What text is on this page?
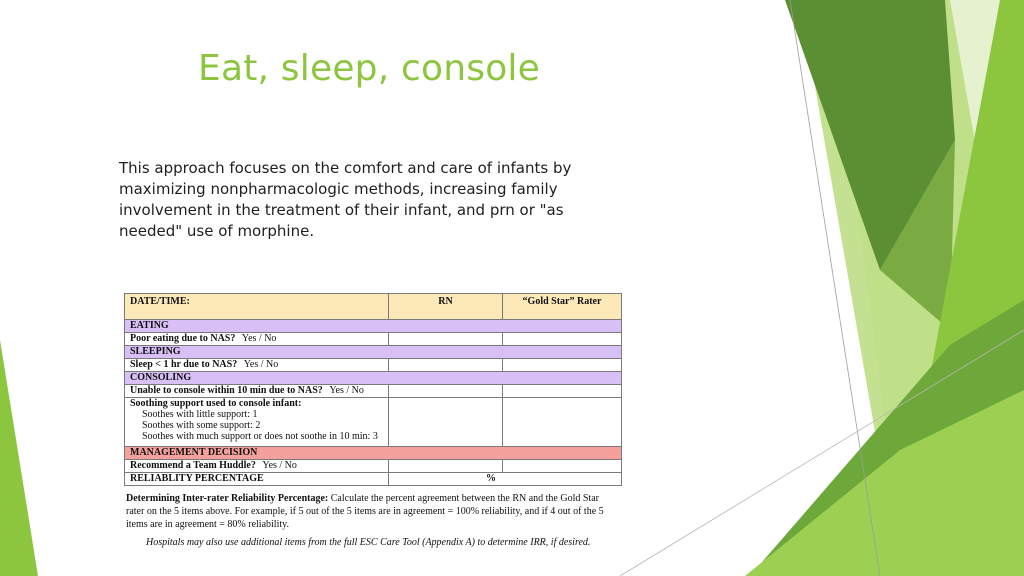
Eat, sleep, console
This approach focuses on the comfort and care of infants by maximizing nonpharmacologic methods, increasing family involvement in the treatment of their infant, and prn or "as needed" use of morphine.
DATE/TIME:	RN	“Gold Star” Rater
EATING		
Poor eating due to NAS? Yes / No		
SLEEPING		
Sleep < 1 hr due to NAS? Yes / No		
CONSOLING		
Unable to console within 10 min due to NAS? Yes / No		

Soothing support used to console infant:
Soothes with little support: 1
Soothes with some support: 2
Soothes with much support or does not soothe in 10 min: 3		

MANAGEMENT DECISION		
Recommend a Team Huddle? Yes / No		
RELIABLITY PERCENTAGE	%	
Determining Inter-rater Reliability Percentage: Calculate the percent agreement between the RN and the Gold Star rater on the 5 items above. For example, if 5 out of the 5 items are in agreement = 100% reliability, and if 4 out of the 5 items are in agreement = 80% reliability.
Hospitals may also use additional items from the full ESC Care Tool (Appendix A) to determine IRR, if desired.
